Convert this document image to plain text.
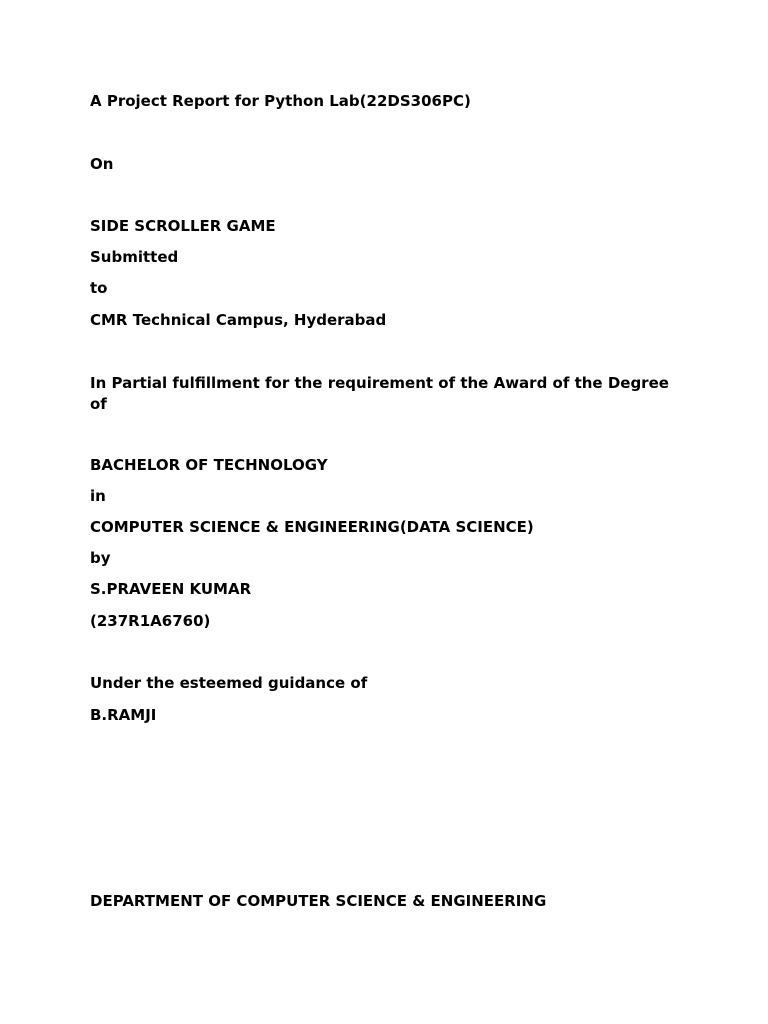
A Project Report for Python Lab(22DS306PC)
On
SIDE SCROLLER GAME
Submitted
to
CMR Technical Campus, Hyderabad
In Partial fulfillment for the requirement of the Award of the Degree of
BACHELOR OF TECHNOLOGY
in
COMPUTER SCIENCE & ENGINEERING(DATA SCIENCE)
by
S.PRAVEEN KUMAR
(237R1A6760)
Under the esteemed guidance of
B.RAMJI
DEPARTMENT OF COMPUTER SCIENCE & ENGINEERING
